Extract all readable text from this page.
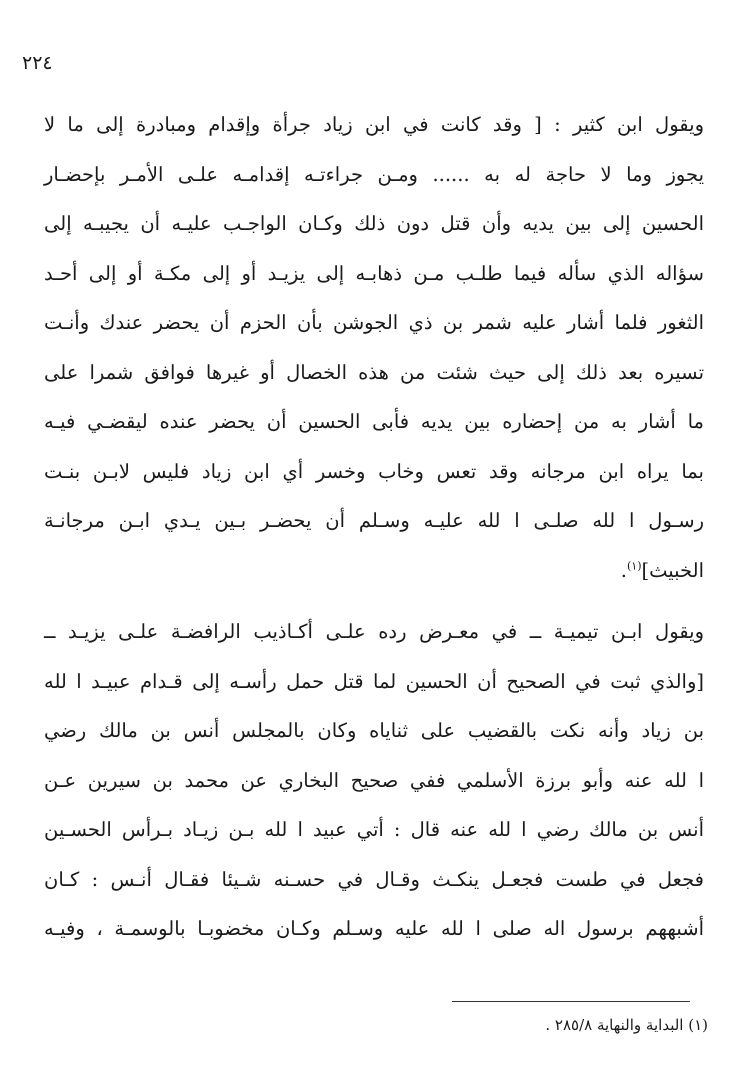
٢٢٤
ويقول ابن كثير : [ وقد كانت في ابن زياد جرأة وإقدام ومبادرة إلى ما لا
يجوز وما لا حاجة له به ...... ومـن جراءتـه إقدامـه علـى الأمـر بإحضـار
الحسين إلى بين يديه وأن قتل دون ذلك وكـان الواجـب عليـه أن يجيبـه إلى
سؤاله الذي سأله فيما طلـب مـن ذهابـه إلى يزيـد أو إلى مكـة أو إلى أحـد
الثغور فلما أشار عليه شمر بن ذي الجوشن بأن الحزم أن يحضر عندك وأنـت
تسيره بعد ذلك إلى حيث شئت من هذه الخصال أو غيرها فوافق شمرا على
ما أشار به من إحضاره بين يديه فأبى الحسين أن يحضر عنده ليقضـي فيـه
بما يراه ابن مرجانه وقد تعس وخاب وخسر أي ابن زياد فليس لابـن بنـت
رسـول ا لله صلـى ا لله عليـه وسـلم أن يحضـر بـين يـدي ابـن مرجانـة
الخبيث]$^{(١)}$.
ويقول ابـن تيميـة ــ في معـرض رده علـى أكـاذيب الرافضـة علـى يزيـد ــ
[والذي ثبت في الصحيح أن الحسين لما قتل حمل رأسـه إلى قـدام عبيـد ا لله
بن زياد وأنه نكت بالقضيب على ثناياه وكان بالمجلس أنس بن مالك رضي
ا لله عنه وأبو برزة الأسلمي ففي صحيح البخاري عن محمد بن سيرين عـن
أنس بن مالك رضي ا لله عنه قال : أتي عبيد ا لله بـن زيـاد بـرأس الحسـين
فجعل في طست فجعـل ينكـث وقـال في حسـنه شـيئا فقـال أنـس : كـان
أشبههم برسول اله صلى ا لله عليه وسـلم وكـان مخضوبـا بالوسمـة ، وفيـه
(١) البداية والنهاية ٢٨٥/٨ .
